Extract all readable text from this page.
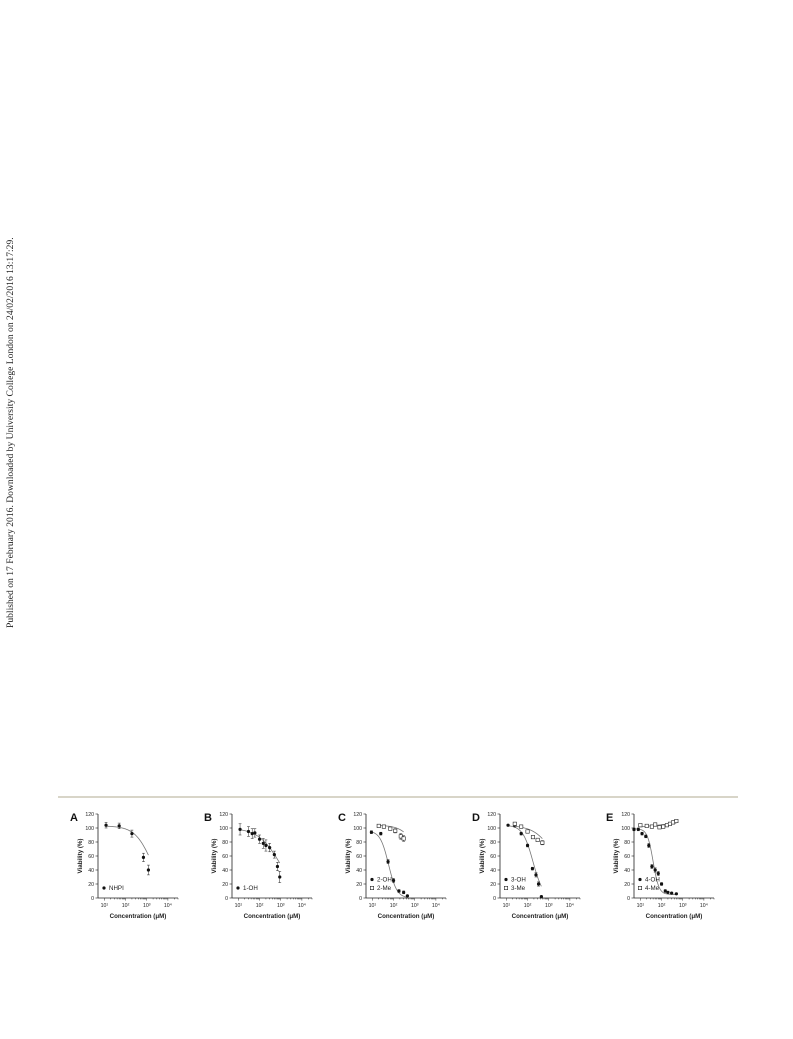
Published on 17 February 2016. Downloaded by University College London on 24/02/2016 13:17:29.
A
0
20
40
60
80
100
120
10¹	10²	10³	10⁴
Concentration (μM)
Viability (%)
NHPI
B
0
20
40
60
80
100
120
10¹	10²	10³	10⁴
Concentration (μM)
Viability (%)
1-OH
C
0
20
40
60
80
100
120
10¹	10²	10³	10⁴
Concentration (μM)
Viability (%)
2-OH
2-Me
D
0
20
40
60
80
100
120
10¹	10²	10³	10⁴
Concentration (μM)
Viability (%)
3-OH
3-Me
E
0
20
40
60
80
100
120
10¹	10²	10³	10⁴
Concentration (μM)
Viability (%)
4-OH
4-Me
